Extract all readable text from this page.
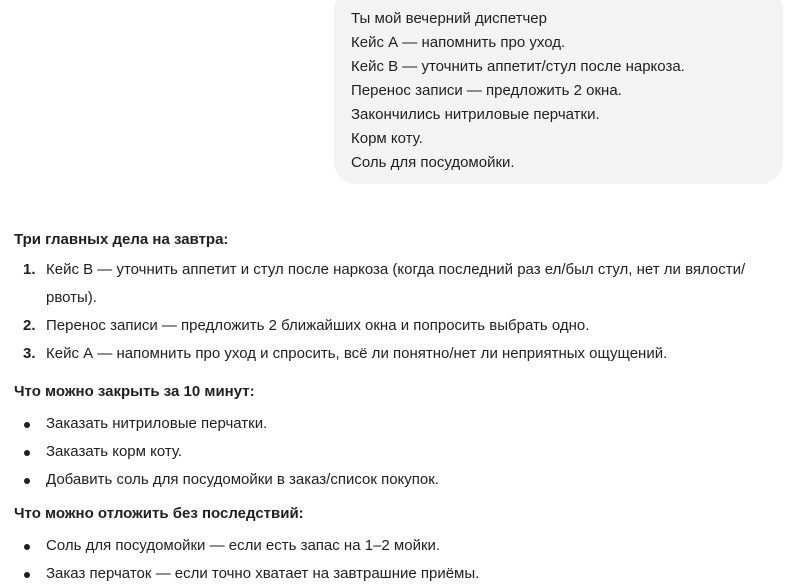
Ты мой вечерний диспетчер
Кейс А — напомнить про уход.
Кейс В — уточнить аппетит/стул после наркоза.
Перенос записи — предложить 2 окна.
Закончились нитриловые перчатки.
Корм коту.
Соль для посудомойки.
Три главных дела на завтра:
1. Кейс В — уточнить аппетит и стул после наркоза (когда последний раз ел/был стул, нет ли вялости/рвоты).
2. Перенос записи — предложить 2 ближайших окна и попросить выбрать одно.
3. Кейс А — напомнить про уход и спросить, всё ли понятно/нет ли неприятных ощущений.
Что можно закрыть за 10 минут:
Заказать нитриловые перчатки.
Заказать корм коту.
Добавить соль для посудомойки в заказ/список покупок.
Что можно отложить без последствий:
Соль для посудомойки — если есть запас на 1–2 мойки.
Заказ перчаток — если точно хватает на завтрашние приёмы.
